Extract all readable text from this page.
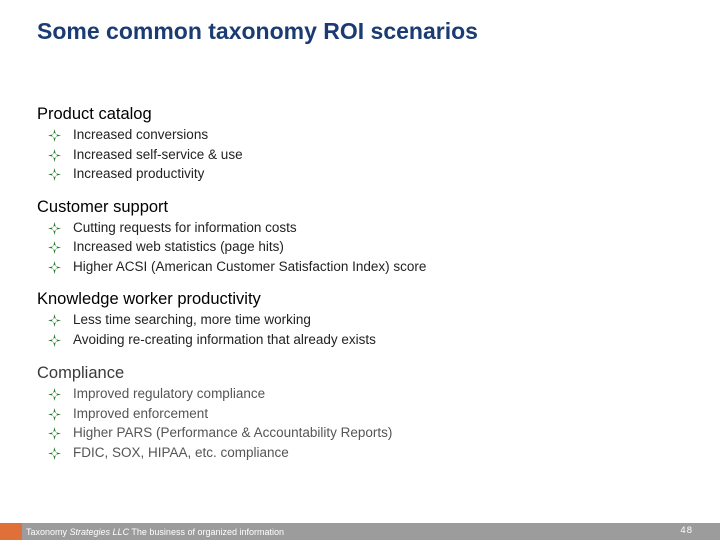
Some common taxonomy ROI scenarios
Product catalog
Increased conversions
Increased self-service & use
Increased productivity
Customer support
Cutting requests for information costs
Increased web statistics (page hits)
Higher ACSI (American Customer Satisfaction Index) score
Knowledge worker productivity
Less time searching, more time working
Avoiding re-creating information that already exists
Compliance
Improved regulatory compliance
Improved enforcement
Higher PARS (Performance & Accountability Reports)
FDIC, SOX, HIPAA, etc. compliance
Taxonomy Strategies LLC The business of organized information	48
